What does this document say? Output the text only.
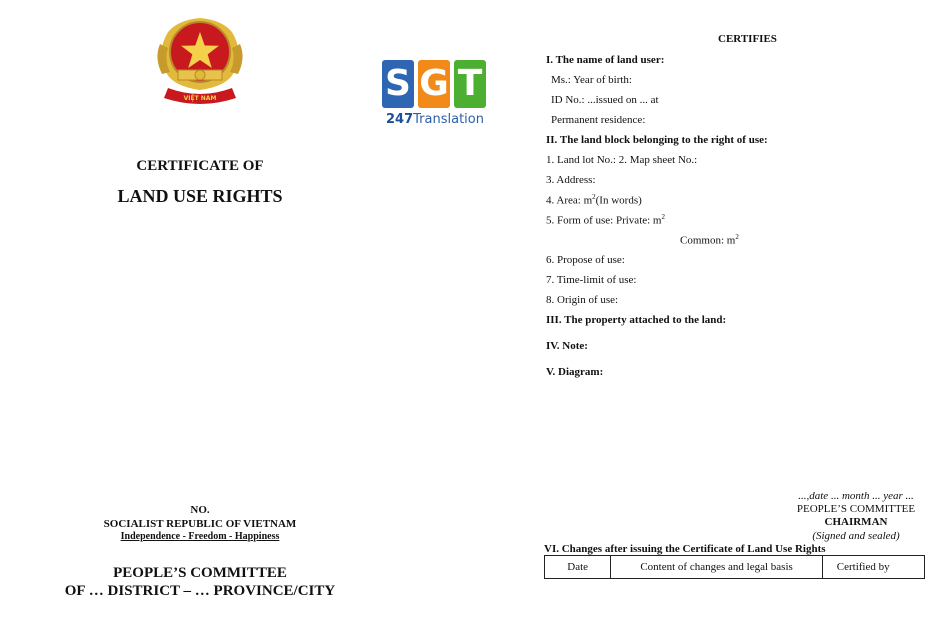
VIỆT NAM	S G T
247Translation
CERTIFICATE OF
LAND USE RIGHTS
NO.
SOCIALIST REPUBLIC OF VIETNAM
Independence - Freedom - Happiness
PEOPLE’S COMMITTEE
OF … DISTRICT – … PROVINCE/CITY
CERTIFIES
I. The name of land user:
Ms.: Year of birth:
ID No.: ...issued on ... at
Permanent residence:
II. The land block belonging to the right of use:
1. Land lot No.: 2. Map sheet No.:
3. Address:
4. Area: $m^2(In$ words)
5. Form of use: Private: $m^2$
Common: $m^2$
6. Propose of use:
7. Time-limit of use:
8. Origin of use:
III. The property attached to the land:
IV. Note:
V. Diagram:
...,date ... month ... year ...
PEOPLE’S COMMITTEE
CHAIRMAN
(Signed and sealed)
VI. Changes after issuing the Certificate of Land Use Rights
Date	Content of changes and legal basis	Certified by
